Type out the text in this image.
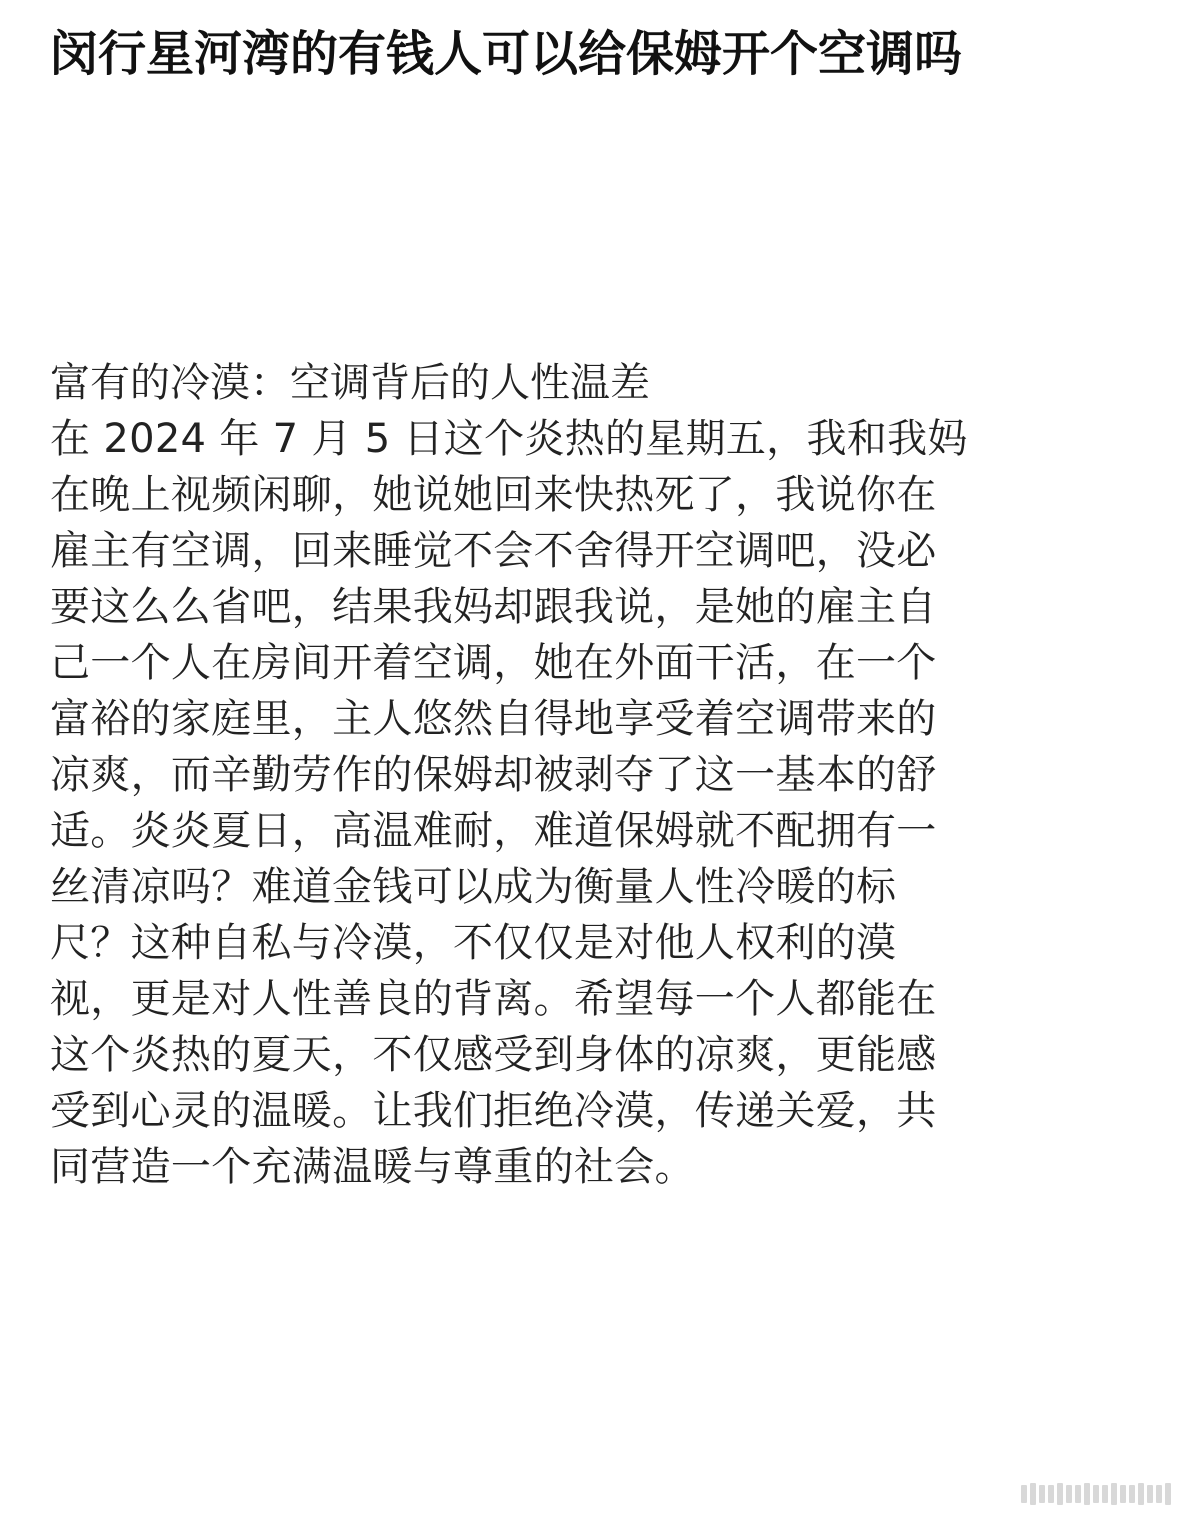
闵行星河湾的有钱人可以给保姆开个空调吗
富有的冷漠：空调背后的人性温差
在 2024 年 7 月 5 日这个炎热的星期五，我和我妈
在晚上视频闲聊，她说她回来快热死了，我说你在
雇主有空调，回来睡觉不会不舍得开空调吧，没必
要这么么省吧，结果我妈却跟我说，是她的雇主自
己一个人在房间开着空调，她在外面干活，在一个
富裕的家庭里，主人悠然自得地享受着空调带来的
凉爽，而辛勤劳作的保姆却被剥夺了这一基本的舒
适。炎炎夏日，高温难耐，难道保姆就不配拥有一
丝清凉吗？难道金钱可以成为衡量人性冷暖的标
尺？这种自私与冷漠，不仅仅是对他人权利的漠
视，更是对人性善良的背离。希望每一个人都能在
这个炎热的夏天，不仅感受到身体的凉爽，更能感
受到心灵的温暖。让我们拒绝冷漠，传递关爱，共
同营造一个充满温暖与尊重的社会。
